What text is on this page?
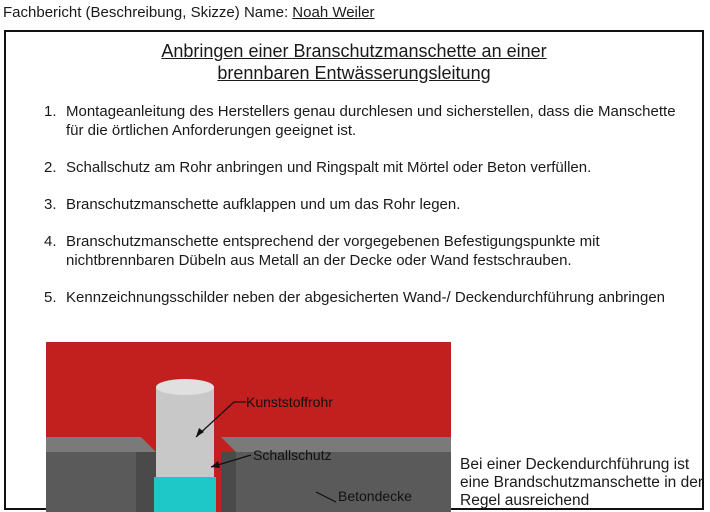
Fachbericht (Beschreibung, Skizze) Name: Noah Weiler
Anbringen einer Branschutzmanschette an einer
brennbaren Entwässerungsleitung
1. Montageanleitung des Herstellers genau durchlesen und sicherstellen, dass die Manschette für die örtlichen Anforderungen geeignet ist.
2. Schallschutz am Rohr anbringen und Ringspalt mit Mörtel oder Beton verfüllen.
3. Branschutzmanschette aufklappen und um das Rohr legen.
4. Branschutzmanschette entsprechend der vorgegebenen Befestigungspunkte mit nichtbrennbaren Dübeln aus Metall an der Decke oder Wand festschrauben.
5. Kennzeichnungsschilder neben der abgesicherten Wand-/ Deckendurchführung anbringen
Kunststoffrohr
Schallschutz
Betondecke
Bei einer Deckendurchführung ist eine Brandschutzmanschette in der Regel ausreichend
